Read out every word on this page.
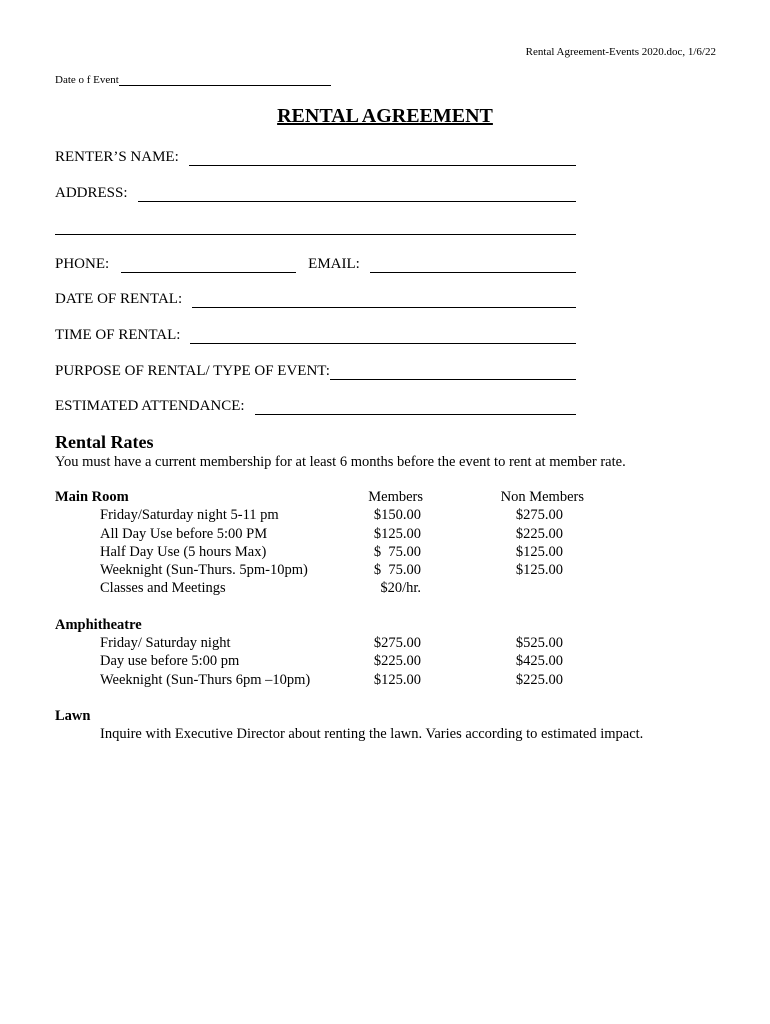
Rental Agreement-Events 2020.doc, 1/6/22
Date o f Event
RENTAL AGREEMENT
RENTER’S NAME:
ADDRESS:
PHONE:	EMAIL:
DATE OF RENTAL:
TIME OF RENTAL:
PURPOSE OF RENTAL/ TYPE OF EVENT:
ESTIMATED ATTENDANCE:
Rental Rates
You must have a current membership for at least 6 months before the event to rent at member rate.
Main Room	Members	Non Members
Friday/Saturday night 5-11 pm	$150.00	$275.00
All Day Use before 5:00 PM	$125.00	$225.00
Half Day Use (5 hours Max)	$  75.00	$125.00
Weeknight (Sun-Thurs. 5pm-10pm)	$  75.00	$125.00
Classes and Meetings	$20/hr.
Amphitheatre
Friday/ Saturday night	$275.00	$525.00
Day use before 5:00 pm	$225.00	$425.00
Weeknight (Sun-Thurs 6pm –10pm)	$125.00	$225.00
Lawn
Inquire with Executive Director about renting the lawn. Varies according to estimated impact.
